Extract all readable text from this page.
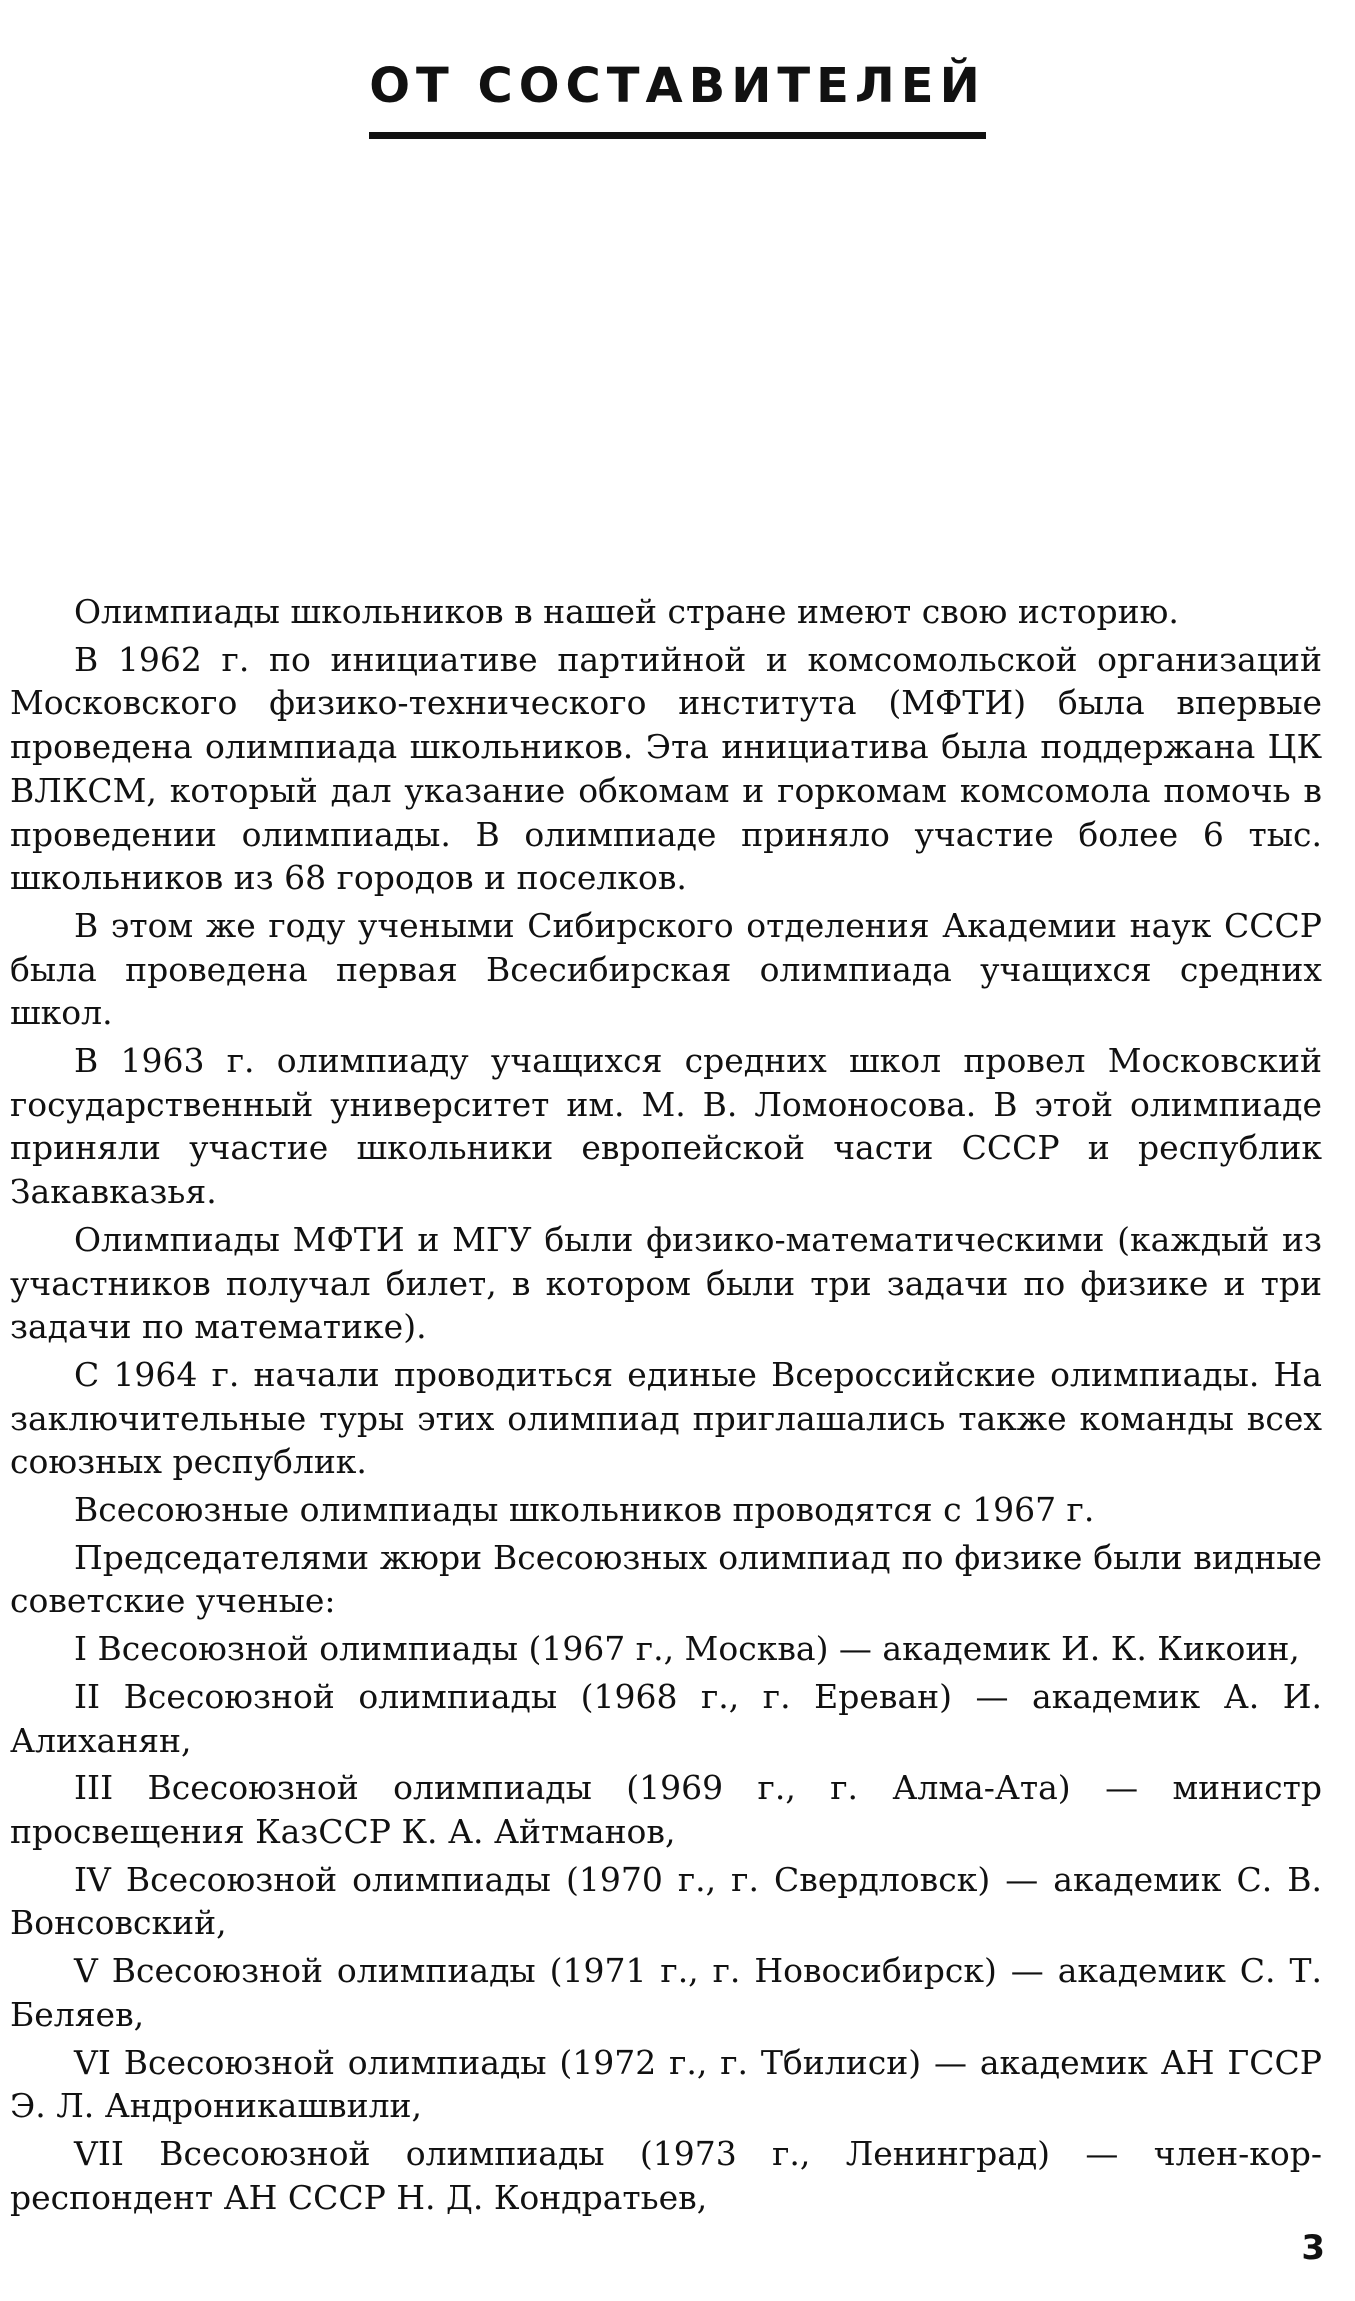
ОТ СОСТАВИТЕЛЕЙ

Олимпиады школьников в нашей стране имеют свою историю.

В 1962 г. по инициативе партийной и комсомольской организаций Московского физико-технического института (МФТИ) была впервые проведена олимпиада школьников. Эта инициатива была поддержана ЦК ВЛКСМ, который дал указание обкомам и горкомам комсомола помочь в проведении олимпиады. В олимпиаде приняло участие более 6 тыс. школьников из 68 городов и поселков.

В этом же году учеными Сибирского отделения Академии наук СССР была проведена первая Всесибирская олимпиада учащихся средних школ.

В 1963 г. олимпиаду учащихся средних школ провел Московский государственный университет им. М. В. Ломоносова. В этой олимпиаде приняли участие школьники европейской части СССР и республик Закавказья.

Олимпиады МФТИ и МГУ были физико-математическими (каждый из участников получал билет, в котором были три задачи по физике и три задачи по математике).

С 1964 г. начали проводиться единые Всероссийские олимпиады. На заключительные туры этих олимпиад приглашались также команды всех союзных республик.

Всесоюзные олимпиады школьников проводятся с 1967 г.

Председателями жюри Всесоюзных олимпиад по физике были видные советские ученые:

I Всесоюзной олимпиады (1967 г., Москва) — академик И. К. Кикоин,

II Всесоюзной олимпиады (1968 г., г. Ереван) — академик А. И. Алиханян,

III Всесоюзной олимпиады (1969 г., г. Алма-Ата) — министр просвещения КазССР К. А. Айтманов,

IV Всесоюзной олимпиады (1970 г., г. Свердловск) — академик С. В. Вонсовский,

V Всесоюзной олимпиады (1971 г., г. Новосибирск) — академик С. Т. Беляев,

VI Всесоюзной олимпиады (1972 г., г. Тбилиси) — академик АН ГССР Э. Л. Андроникашвили,

VII Всесоюзной олимпиады (1973 г., Ленинград) — член-корреспондент АН СССР Н. Д. Кондратьев,

3
